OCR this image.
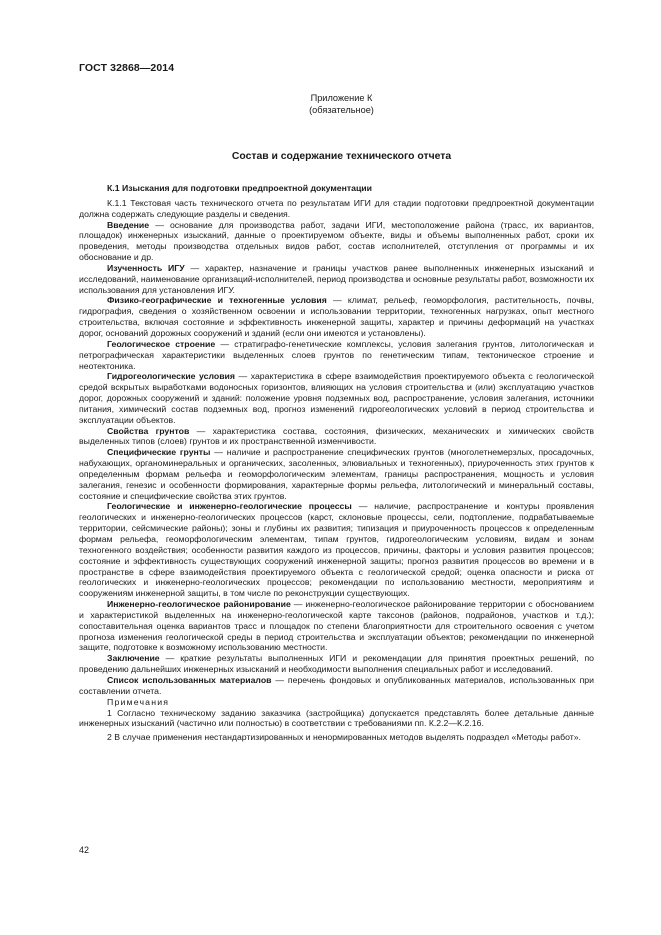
ГОСТ 32868—2014
Приложение К
(обязательное)
Состав и содержание технического отчета

К.1 Изыскания для подготовки предпроектной документации

К.1.1 Текстовая часть технического отчета по результатам ИГИ для стадии подготовки предпроектной документации должна содержать следующие разделы и сведения.

Введение — основание для производства работ, задачи ИГИ, местоположение района (трасс, их вариантов, площадок) инженерных изысканий, данные о проектируемом объекте, виды и объемы выполненных работ, сроки их проведения, методы производства отдельных видов работ, состав исполнителей, отступления от программы и их обоснование и др.

Изученность ИГУ — характер, назначение и границы участков ранее выполненных инженерных изысканий и исследований, наименование организаций-исполнителей, период производства и основные результаты работ, возможности их использования для установления ИГУ.

Физико-географические и техногенные условия — климат, рельеф, геоморфология, растительность, почвы, гидрография, сведения о хозяйственном освоении и использовании территории, техногенных нагрузках, опыт местного строительства, включая состояние и эффективность инженерной защиты, характер и причины деформаций на участках дорог, оснований дорожных сооружений и зданий (если они имеются и установлены).

Геологическое строение — стратиграфо-генетические комплексы, условия залегания грунтов, литологическая и петрографическая характеристики выделенных слоев грунтов по генетическим типам, тектоническое строение и неотектоника.

Гидрогеологические условия — характеристика в сфере взаимодействия проектируемого объекта с геологической средой вскрытых выработками водоносных горизонтов, влияющих на условия строительства и (или) эксплуатацию участков дорог, дорожных сооружений и зданий: положение уровня подземных вод, распространение, условия залегания, источники питания, химический состав подземных вод, прогноз изменений гидрогеологических условий в период строительства и эксплуатации объектов.

Свойства грунтов — характеристика состава, состояния, физических, механических и химических свойств выделенных типов (слоев) грунтов и их пространственной изменчивости.

Специфические грунты — наличие и распространение специфических грунтов (многолетнемерзлых, просадочных, набухающих, органоминеральных и органических, засоленных, элювиальных и техногенных), приуроченность этих грунтов к определенным формам рельефа и геоморфологическим элементам, границы распространения, мощность и условия залегания, генезис и особенности формирования, характерные формы рельефа, литологический и минеральный составы, состояние и специфические свойства этих грунтов.

Геологические и инженерно-геологические процессы — наличие, распространение и контуры проявления геологических и инженерно-геологических процессов (карст, склоновые процессы, сели, подтопление, подрабатываемые территории, сейсмические районы); зоны и глубины их развития; типизация и приуроченность процессов к определенным формам рельефа, геоморфологическим элементам, типам грунтов, гидрогеологическим условиям, видам и зонам техногенного воздействия; особенности развития каждого из процессов, причины, факторы и условия развития процессов; состояние и эффективность существующих сооружений инженерной защиты; прогноз развития процессов во времени и в пространстве в сфере взаимодействия проектируемого объекта с геологической средой; оценка опасности и риска от геологических и инженерно-геологических процессов; рекомендации по использованию местности, мероприятиям и сооружениям инженерной защиты, в том числе по реконструкции существующих.

Инженерно-геологическое районирование — инженерно-геологическое районирование территории с обоснованием и характеристикой выделенных на инженерно-геологической карте таксонов (районов, подрайонов, участков и т.д.); сопоставительная оценка вариантов трасс и площадок по степени благоприятности для строительного освоения с учетом прогноза изменения геологической среды в период строительства и эксплуатации объектов; рекомендации по инженерной защите, подготовке к возможному использованию местности.

Заключение — краткие результаты выполненных ИГИ и рекомендации для принятия проектных решений, по проведению дальнейших инженерных изысканий и необходимости выполнения специальных работ и исследований.

Список использованных материалов — перечень фондовых и опубликованных материалов, использованных при составлении отчета.

Примечания

1 Согласно техническому заданию заказчика (застройщика) допускается представлять более детальные данные инженерных изысканий (частично или полностью) в соответствии с требованиями пп. К.2.2—К.2.16.

2 В случае применения нестандартизированных и ненормированных методов выделять подраздел «Методы работ».

42
